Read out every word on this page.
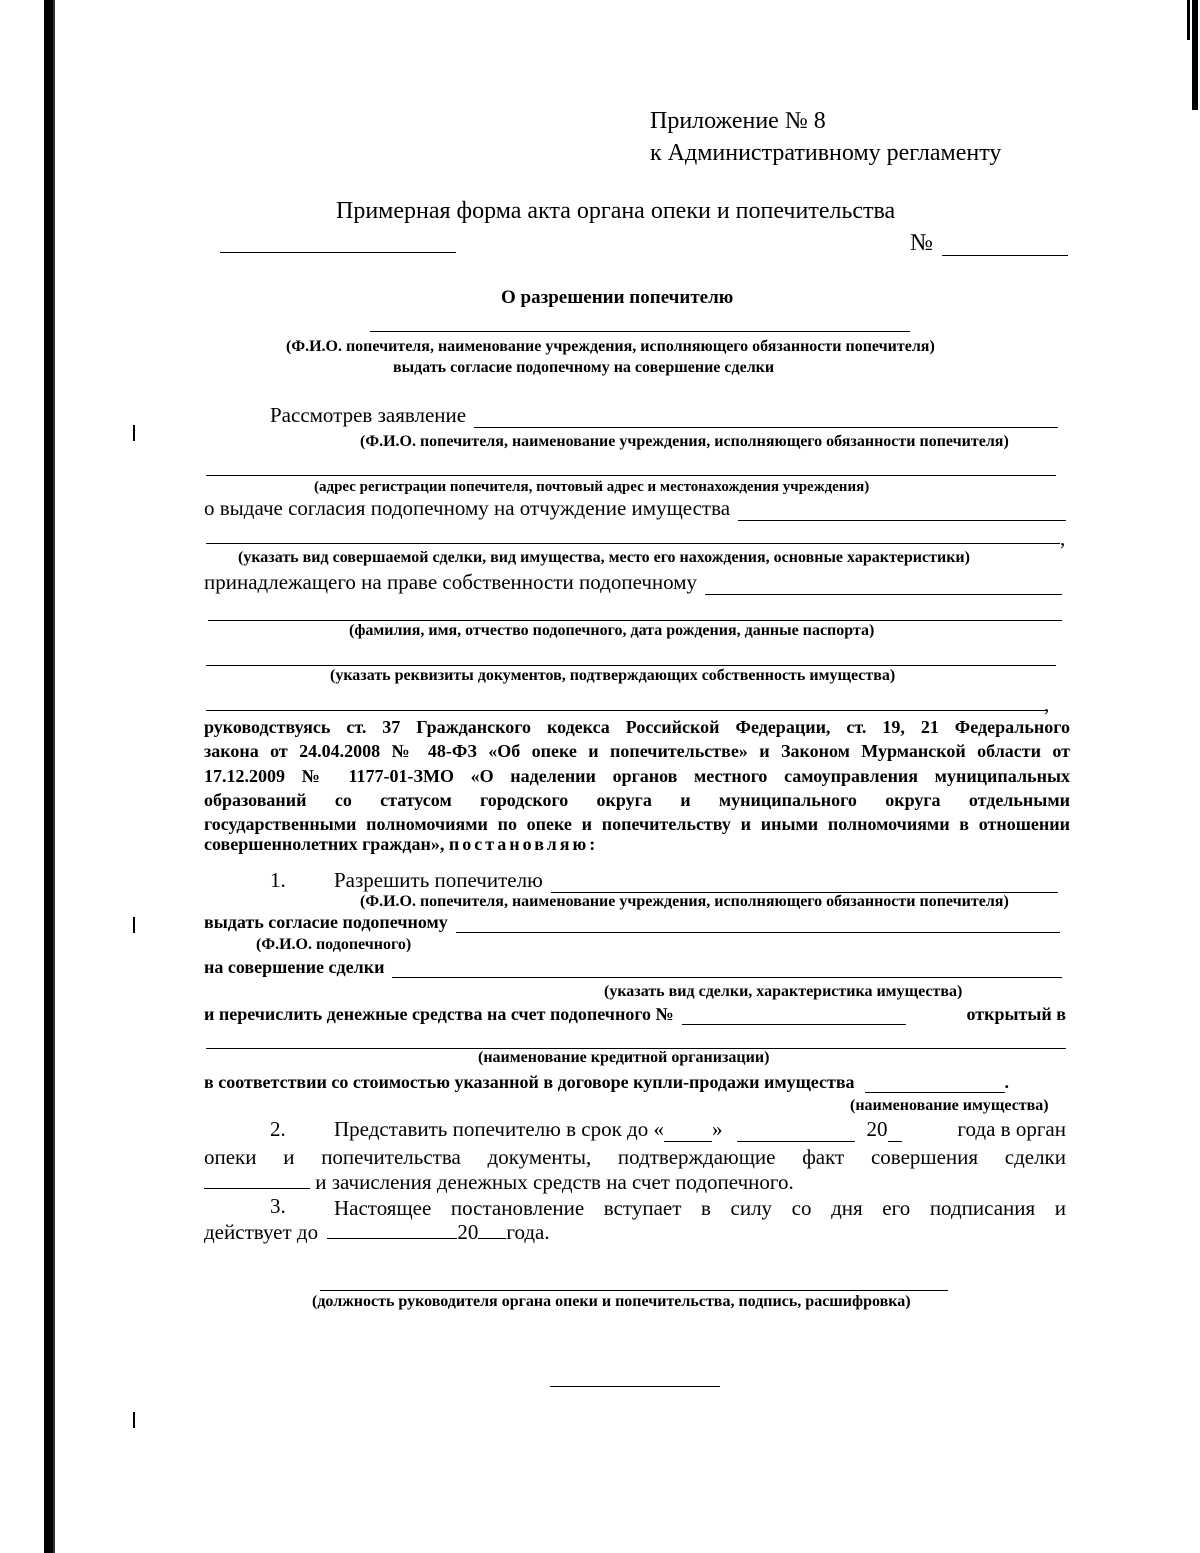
Приложение № 8
к Административному регламенту
Примерная форма акта органа опеки и попечительства
№
О разрешении попечителю
(Ф.И.О. попечителя, наименование учреждения, исполняющего обязанности попечителя)
выдать согласие подопечному на совершение сделки
Рассмотрев заявление
(Ф.И.О. попечителя, наименование учреждения, исполняющего обязанности попечителя)
(адрес регистрации попечителя, почтовый адрес и местонахождения учреждения)
о выдаче согласия подопечному на отчуждение имущества
,
(указать вид совершаемой сделки, вид имущества, место его нахождения, основные характеристики)
принадлежащего на праве собственности подопечному
(фамилия, имя, отчество подопечного, дата рождения, данные паспорта)
(указать реквизиты документов, подтверждающих собственность имущества)
,
руководствуясь ст. 37 Гражданского кодекса Российской Федерации, ст. 19, 21 Федерального
закона от 24.04.2008 № 48-ФЗ «Об опеке и попечительстве» и Законом Мурманской области от
17.12.2009 № 1177-01-ЗМО «О наделении органов местного самоуправления муниципальных
образований со статусом городского округа и муниципального округа отдельными
государственными полномочиями по опеке и попечительству и иными полномочиями в отношении
совершеннолетних граждан», постановляю:
1. Разрешить попечителю
(Ф.И.О. попечителя, наименование учреждения, исполняющего обязанности попечителя)
выдать согласие подопечному
(Ф.И.О. подопечного)
на совершение сделки
(указать вид сделки, характеристика имущества)
и перечислить денежные средства на счет подопечного №	открытый в
(наименование кредитной организации)
в соответствии со стоимостью указанной в договоре купли-продажи имущества	.
(наименование имущества)
2. Представить попечителю в срок до « »	20	года в орган
опеки и попечительства документы, подтверждающие факт совершения сделки
и зачисления денежных средств на счет подопечного.
3. Настоящее постановление вступает в силу со дня его подписания и
действует до	20 года.
(должность руководителя органа опеки и попечительства, подпись, расшифровка)
